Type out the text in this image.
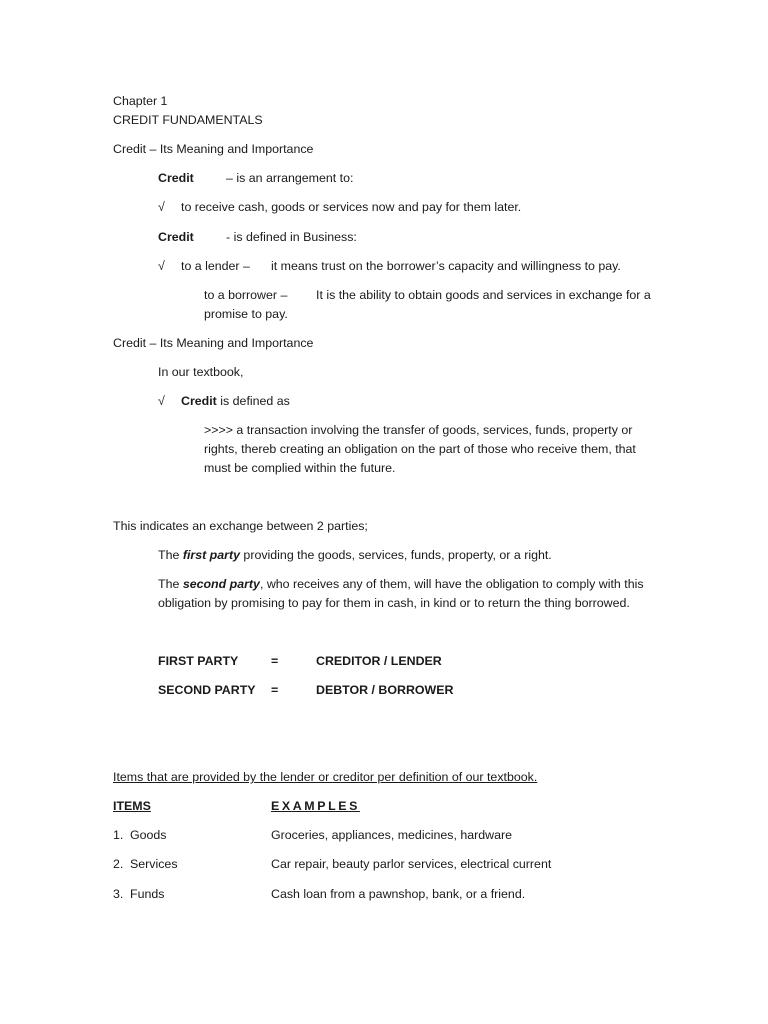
Chapter 1
CREDIT FUNDAMENTALS
Credit – Its Meaning and Importance
Credit	– is an arrangement to:
√ to receive cash, goods or services now and pay for them later.
Credit	- is defined in Business:
√ to a lender – it means trust on the borrower’s capacity and willingness to pay.
to a borrower – It is the ability to obtain goods and services in exchange for a
promise to pay.
Credit – Its Meaning and Importance
In our textbook,
√ Credit is defined as
>>>> a transaction involving the transfer of goods, services, funds, property or rights, thereb creating an obligation on the part of those who receive them, that must be complied within the future.
This indicates an exchange between 2 parties;
The first party providing the goods, services, funds, property, or a right.
The second party, who receives any of them, will have the obligation to comply with this obligation by promising to pay for them in cash, in kind or to return the thing borrowed.
FIRST PARTY	=	CREDITOR / LENDER
SECOND PARTY =	DEBTOR / BORROWER
Items that are provided by the lender or creditor per definition of our textbook.
ITEMS	EXAMPLES
1. Goods	Groceries, appliances, medicines, hardware
2. Services	Car repair, beauty parlor services, electrical current
3. Funds	Cash loan from a pawnshop, bank, or a friend.
